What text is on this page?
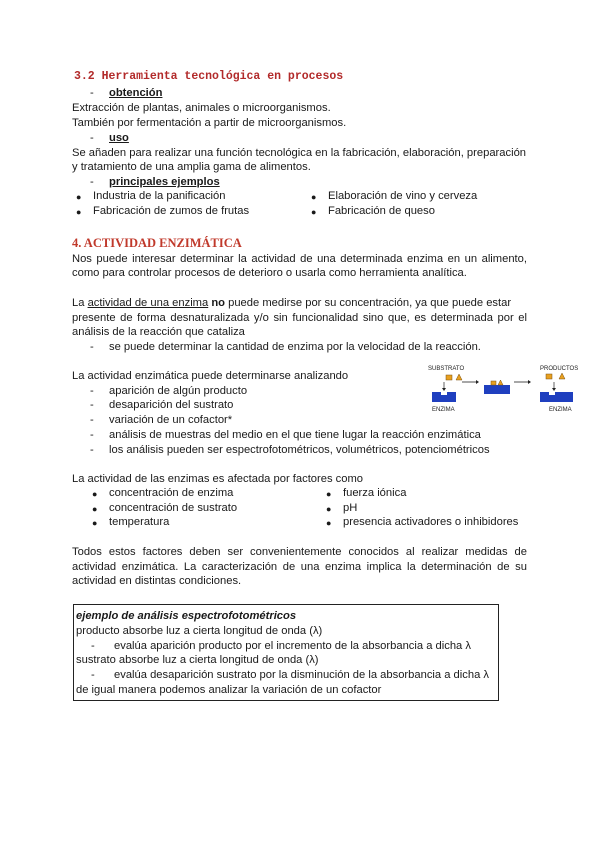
3.2 Herramienta tecnológica en procesos
- obtención
Extracción de plantas, animales o microorganismos.
También por fermentación a partir de microorganismos.
- uso
Se añaden para realizar una función tecnológica en la fabricación, elaboración, preparación
y tratamiento de una amplia gama de alimentos.
- principales ejemplos
● Industria de la panificación	● Elaboración de vino y cerveza
● Fabricación de zumos de frutas	● Fabricación de queso
4. ACTIVIDAD ENZIMÁTICA
Nos puede interesar determinar la actividad de una determinada enzima en un alimento,
como para controlar procesos de deterioro o usarla como herramienta analítica.
La actividad de una enzima no puede medirse por su concentración, ya que puede estar
presente de forma desnaturalizada y/o sin funcionalidad sino que, es determinada por el
análisis de la reacción que cataliza
- se puede determinar la cantidad de enzima por la velocidad de la reacción.
La actividad enzimática puede determinarse analizando
- aparición de algún producto
- desaparición del sustrato
- variación de un cofactor*
- análisis de muestras del medio en el que tiene lugar la reacción enzimática
- los análisis pueden ser espectrofotométricos, volumétricos, potenciométricos
SUBSTRATO	PRODUCTOS
ENZIMA	ENZIMA
La actividad de las enzimas es afectada por factores como
● concentración de enzima	● fuerza iónica
● concentración de sustrato	● pH
● temperatura	● presencia activadores o inhibidores
Todos estos factores deben ser convenientemente conocidos al realizar medidas de
actividad enzimática. La caracterización de una enzima implica la determinación de su
actividad en distintas condiciones.
ejemplo de análisis espectrofotométricos
producto absorbe luz a cierta longitud de onda (λ)
- evalúa aparición producto por el incremento de la absorbancia a dicha λ
sustrato absorbe luz a cierta longitud de onda (λ)
- evalúa desaparición sustrato por la disminución de la absorbancia a dicha λ
de igual manera podemos analizar la variación de un cofactor
